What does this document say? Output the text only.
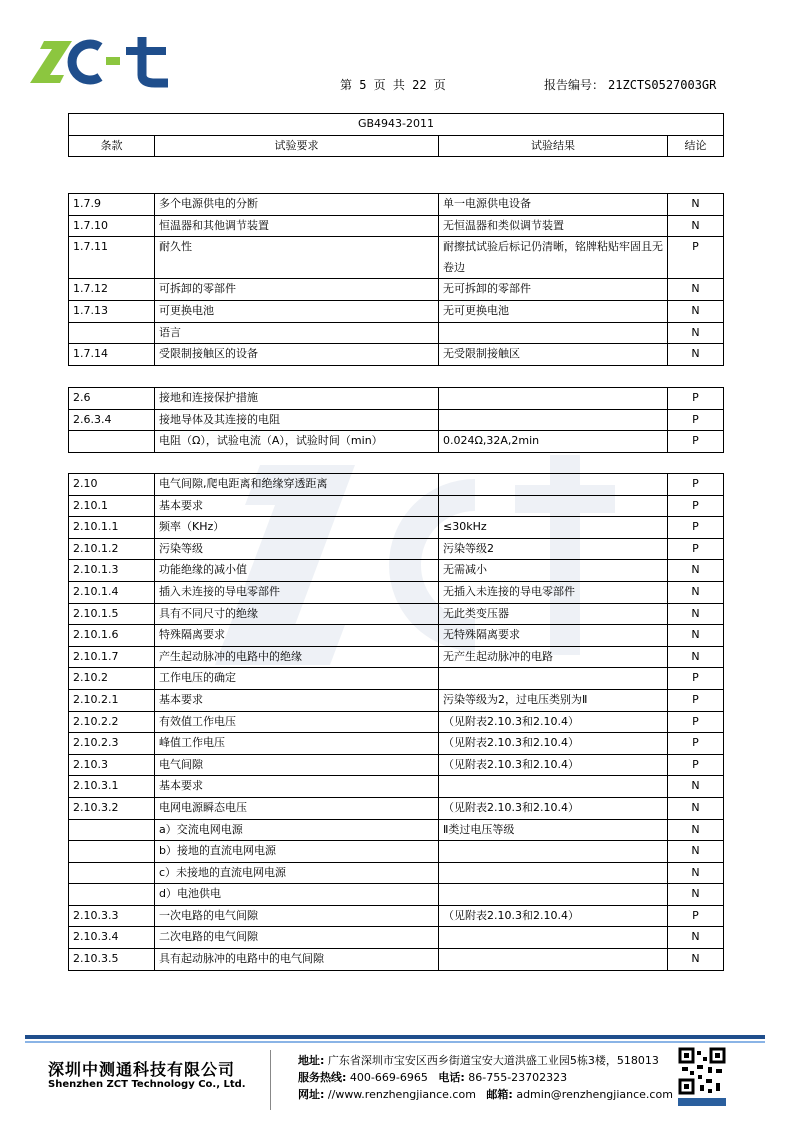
第 5 页 共 22 页	报告编号： 21ZCTS0527003GR
GB4943-2011
条款	试验要求	试验结果	结论
1.7.9	多个电源供电的分断	单一电源供电设备	N
1.7.10	恒温器和其他调节装置	无恒温器和类似调节装置	N
1.7.11	耐久性	耐擦拭试验后标记仍清晰，铭牌粘贴牢固且无卷边	P
1.7.12	可拆卸的零部件	无可拆卸的零部件	N
1.7.13	可更换电池	无可更换电池	N
	语言		N
1.7.14	受限制接触区的设备	无受限制接触区	N
2.6	接地和连接保护措施		P
2.6.3.4	接地导体及其连接的电阻		P
	电阻（Ω），试验电流（A），试验时间（min）	0.024Ω,32A,2min	P
2.10	电气间隙,爬电距离和绝缘穿透距离		P
2.10.1	基本要求		P
2.10.1.1	频率（KHz）	≤30kHz	P
2.10.1.2	污染等级	污染等级2	P
2.10.1.3	功能绝缘的减小值	无需减小	N
2.10.1.4	插入未连接的导电零部件	无插入未连接的导电零部件	N
2.10.1.5	具有不同尺寸的绝缘	无此类变压器	N
2.10.1.6	特殊隔离要求	无特殊隔离要求	N
2.10.1.7	产生起动脉冲的电路中的绝缘	无产生起动脉冲的电路	N
2.10.2	工作电压的确定		P
2.10.2.1	基本要求	污染等级为2，过电压类别为Ⅱ	P
2.10.2.2	有效值工作电压	（见附表2.10.3和2.10.4）	P
2.10.2.3	峰值工作电压	（见附表2.10.3和2.10.4）	P
2.10.3	电气间隙	（见附表2.10.3和2.10.4）	P
2.10.3.1	基本要求		N
2.10.3.2	电网电源瞬态电压	（见附表2.10.3和2.10.4）	N
	a）交流电网电源	Ⅱ类过电压等级	N
	b）接地的直流电网电源		N
	c）未接地的直流电网电源		N
	d）电池供电		N
2.10.3.3	一次电路的电气间隙	（见附表2.10.3和2.10.4）	P
2.10.3.4	二次电路的电气间隙		N
2.10.3.5	具有起动脉冲的电路中的电气间隙		N
深圳中测通科技有限公司
Shenzhen ZCT Technology Co., Ltd.
地址: 广东省深圳市宝安区西乡街道宝安大道洪盛工业园5栋3楼，518013
服务热线: 400-669-6965 电话: 86-755-23702323
网址: //www.renzhengjiance.com 邮箱: admin@renzhengjiance.com
